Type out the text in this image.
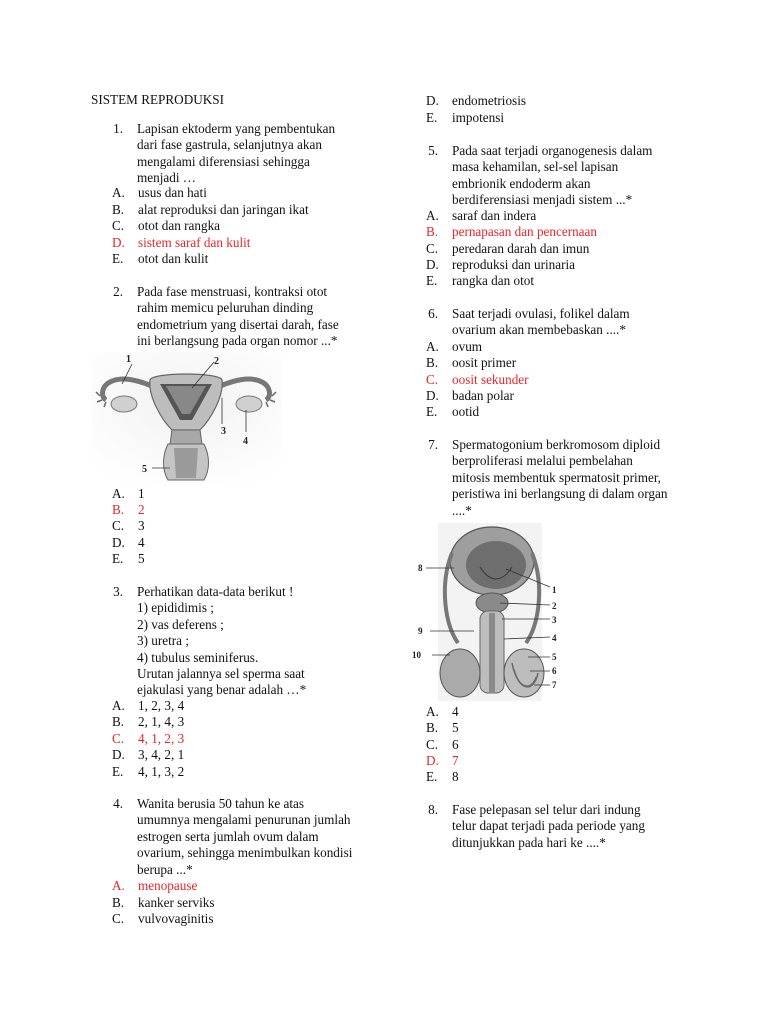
SISTEM REPRODUKSI
1. Lapisan ektoderm yang pembentukan
dari fase gastrula, selanjutnya akan
mengalami diferensiasi sehingga
menjadi …
A. usus dan hati
B. alat reproduksi dan jaringan ikat
C. otot dan rangka
D. sistem saraf dan kulit
E. otot dan kulit
2. Pada fase menstruasi, kontraksi otot
rahim memicu peluruhan dinding
endometrium yang disertai darah, fase
ini berlangsung pada organ nomor ...*
1	2
3
4
5
A. 1
B. 2
C. 3
D. 4
E. 5
3. Perhatikan data-data berikut !
1) epididimis ;
2) vas deferens ;
3) uretra ;
4) tubulus seminiferus.
Urutan jalannya sel sperma saat
ejakulasi yang benar adalah …*
A. 1, 2, 3, 4
B. 2, 1, 4, 3
C. 4, 1, 2, 3
D. 3, 4, 2, 1
E. 4, 1, 3, 2
4. Wanita berusia 50 tahun ke atas
umumnya mengalami penurunan jumlah
estrogen serta jumlah ovum dalam
ovarium, sehingga menimbulkan kondisi
berupa ...*
A. menopause
B. kanker serviks
C. vulvovaginitis
D. endometriosis
E. impotensi
5. Pada saat terjadi organogenesis dalam
masa kehamilan, sel-sel lapisan
embrionik endoderm akan
berdiferensiasi menjadi sistem ...*
A. saraf dan indera
B. pernapasan dan pencernaan
C. peredaran darah dan imun
D. reproduksi dan urinaria
E. rangka dan otot
6. Saat terjadi ovulasi, folikel dalam
ovarium akan membebaskan ....*
A. ovum
B. oosit primer
C. oosit sekunder
D. badan polar
E. ootid
7. Spermatogonium berkromosom diploid
berproliferasi melalui pembelahan
mitosis membentuk spermatosit primer,
peristiwa ini berlangsung di dalam organ
....*
8
9
10
1
2
3
4
5
6
7
A. 4
B. 5
C. 6
D. 7
E. 8
8. Fase pelepasan sel telur dari indung
telur dapat terjadi pada periode yang
ditunjukkan pada hari ke ....*
